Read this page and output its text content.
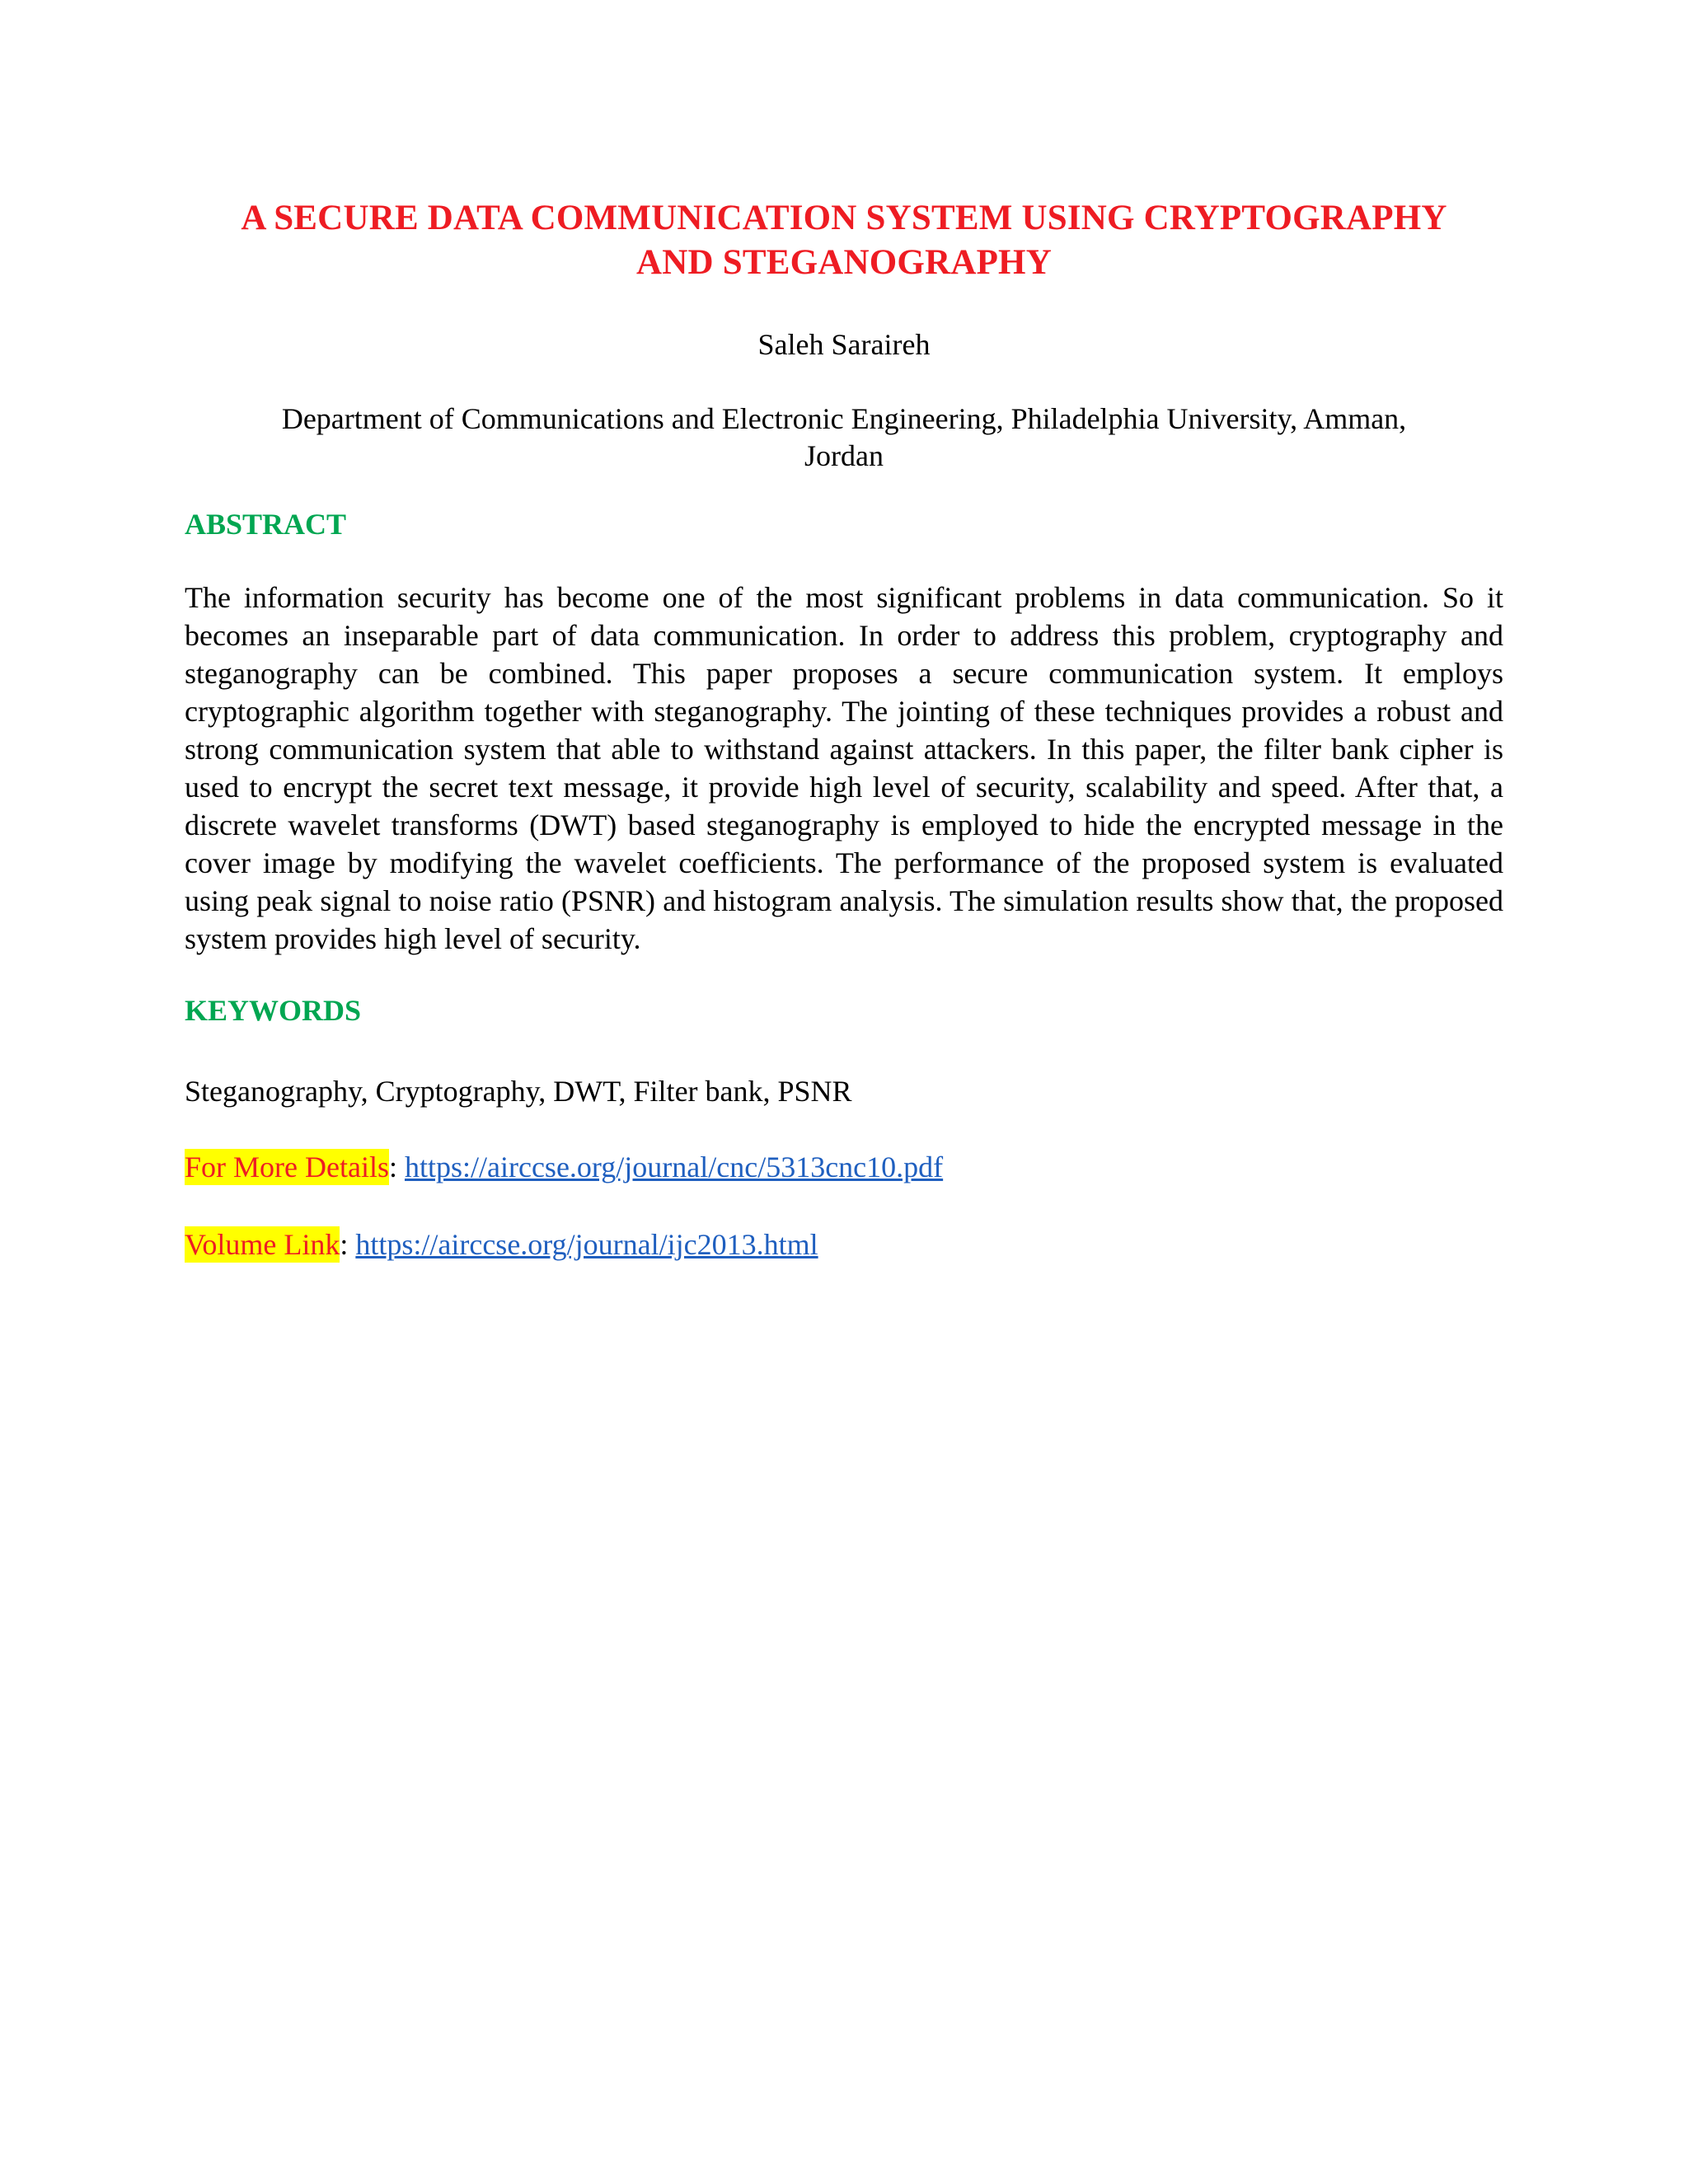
A SECURE DATA COMMUNICATION SYSTEM USING CRYPTOGRAPHY
AND STEGANOGRAPHY
Saleh Saraireh
Department of Communications and Electronic Engineering, Philadelphia University, Amman,
Jordan
ABSTRACT

The information security has become one of the most significant problems in data communication. So it becomes an inseparable part of data communication. In order to address this problem, cryptography and steganography can be combined. This paper proposes a secure communication system. It employs cryptographic algorithm together with steganography. The jointing of these techniques provides a robust and strong communication system that able to withstand against attackers. In this paper, the filter bank cipher is used to encrypt the secret text message, it provide high level of security, scalability and speed. After that, a discrete wavelet transforms (DWT) based steganography is employed to hide the encrypted message in the cover image by modifying the wavelet coefficients. The performance of the proposed system is evaluated using peak signal to noise ratio (PSNR) and histogram analysis. The simulation results show that, the proposed system provides high level of security.

KEYWORDS
Steganography, Cryptography, DWT, Filter bank, PSNR
For More Details: https://airccse.org/journal/cnc/5313cnc10.pdf
Volume Link: https://airccse.org/journal/ijc2013.html
